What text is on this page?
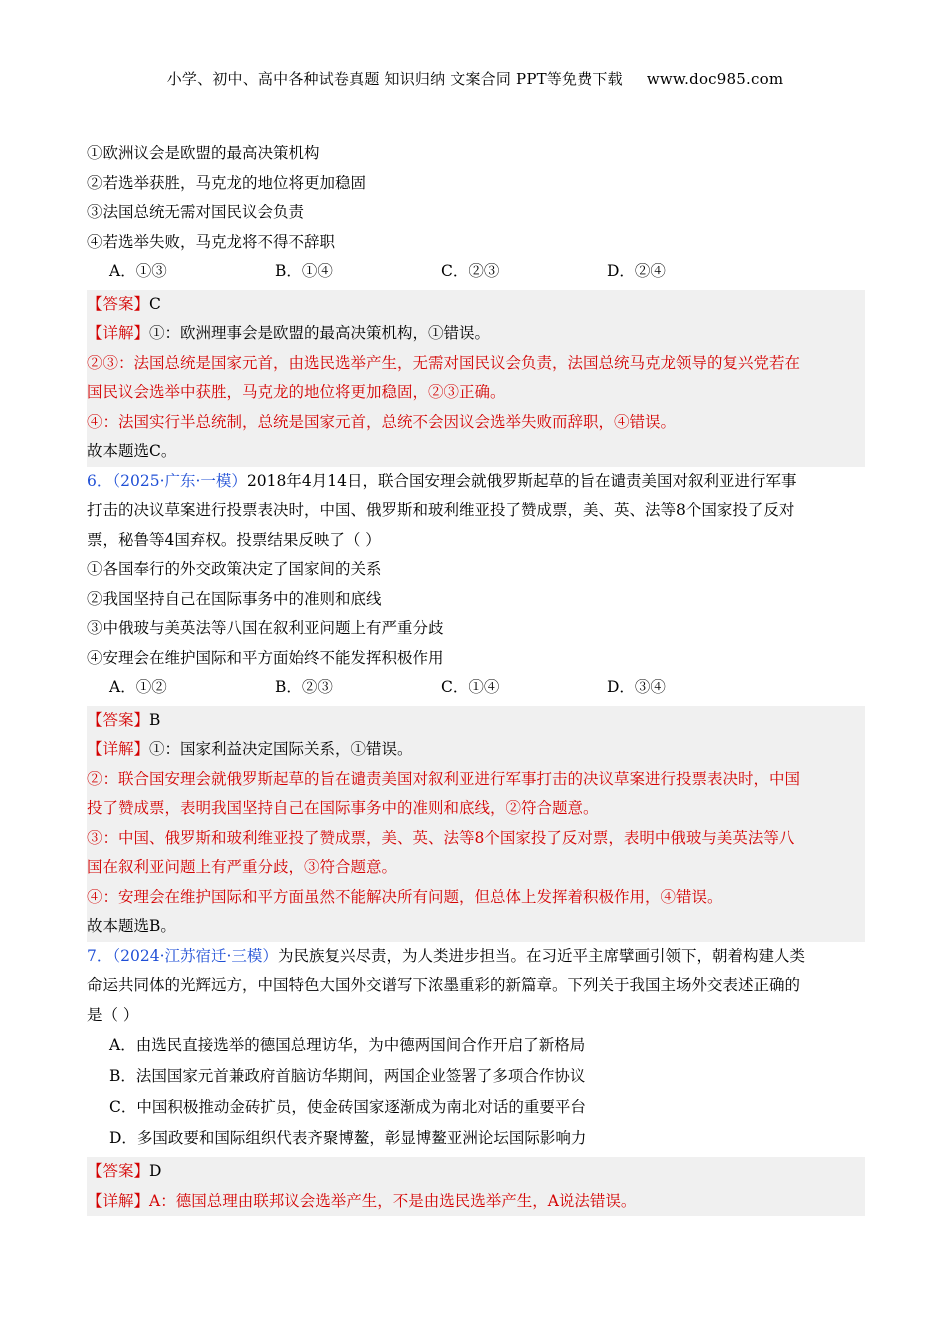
小学、初中、高中各种试卷真题 知识归纳 文案合同 PPT等免费下载 www.doc985.com
①欧洲议会是欧盟的最高决策机构
②若选举获胜，马克龙的地位将更加稳固
③法国总统无需对国民议会负责
④若选举失败，马克龙将不得不辞职
A．①③	B．①④	C．②③	D．②④
【答案】C
【详解】①：欧洲理事会是欧盟的最高决策机构，①错误。
②③：法国总统是国家元首，由选民选举产生，无需对国民议会负责，法国总统马克龙领导的复兴党若在
国民议会选举中获胜，马克龙的地位将更加稳固，②③正确。
④：法国实行半总统制，总统是国家元首，总统不会因议会选举失败而辞职，④错误。
故本题选C。
6．（2025·广东·一模）2018年4月14日，联合国安理会就俄罗斯起草的旨在谴责美国对叙利亚进行军事
打击的决议草案进行投票表决时，中国、俄罗斯和玻利维亚投了赞成票，美、英、法等8个国家投了反对
票，秘鲁等4国弃权。投票结果反映了（ ）
①各国奉行的外交政策决定了国家间的关系
②我国坚持自己在国际事务中的准则和底线
③中俄玻与美英法等八国在叙利亚问题上有严重分歧
④安理会在维护国际和平方面始终不能发挥积极作用
A．①②	B．②③	C．①④	D．③④
【答案】B
【详解】①：国家利益决定国际关系，①错误。
②：联合国安理会就俄罗斯起草的旨在谴责美国对叙利亚进行军事打击的决议草案进行投票表决时，中国
投了赞成票，表明我国坚持自己在国际事务中的准则和底线，②符合题意。
③：中国、俄罗斯和玻利维亚投了赞成票，美、英、法等8个国家投了反对票，表明中俄玻与美英法等八
国在叙利亚问题上有严重分歧，③符合题意。
④：安理会在维护国际和平方面虽然不能解决所有问题，但总体上发挥着积极作用，④错误。
故本题选B。
7．（2024·江苏宿迁·三模）为民族复兴尽责，为人类进步担当。在习近平主席擘画引领下，朝着构建人类
命运共同体的光辉远方，中国特色大国外交谱写下浓墨重彩的新篇章。下列关于我国主场外交表述正确的
是（ ）
A．由选民直接选举的德国总理访华，为中德两国间合作开启了新格局
B．法国国家元首兼政府首脑访华期间，两国企业签署了多项合作协议
C．中国积极推动金砖扩员，使金砖国家逐渐成为南北对话的重要平台
D．多国政要和国际组织代表齐聚博鳌，彰显博鳌亚洲论坛国际影响力
【答案】D
【详解】A：德国总理由联邦议会选举产生，不是由选民选举产生，A说法错误。
